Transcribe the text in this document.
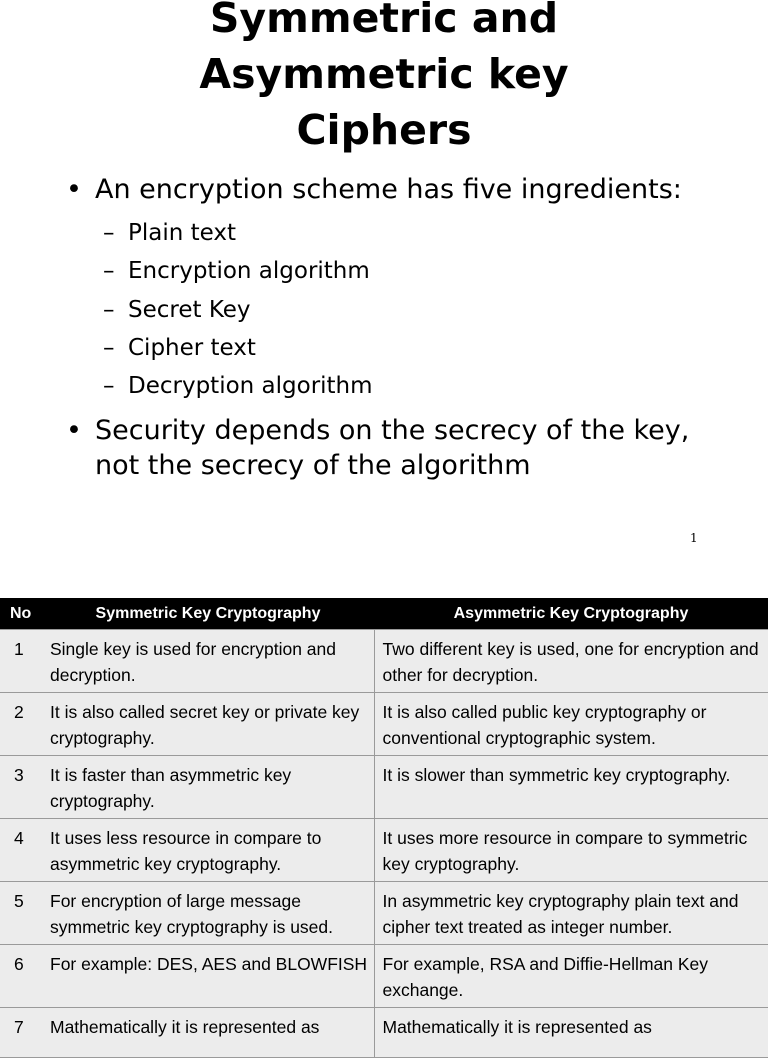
Symmetric and
Asymmetric key
Ciphers
• An encryption scheme has five ingredients:
– Plain text
– Encryption algorithm
– Secret Key
– Cipher text
– Decryption algorithm
• Security depends on the secrecy of the key, not the secrecy of the algorithm
1
No	Symmetric Key Cryptography	Asymmetric Key Cryptography
1	Single key is used for encryption and decryption.	Two different key is used, one for encryption and other for decryption.
2	It is also called secret key or private key cryptography.	It is also called public key cryptography or conventional cryptographic system.
3	It is faster than asymmetric key cryptography.	It is slower than symmetric key cryptography.
4	It uses less resource in compare to asymmetric key cryptography.	It uses more resource in compare to symmetric key cryptography.
5	For encryption of large message symmetric key cryptography is used.	In asymmetric key cryptography plain text and cipher text treated as integer number.
6	For example: DES, AES and BLOWFISH	For example, RSA and Diffie-Hellman Key exchange.
7	Mathematically it is represented as	Mathematically it is represented as
